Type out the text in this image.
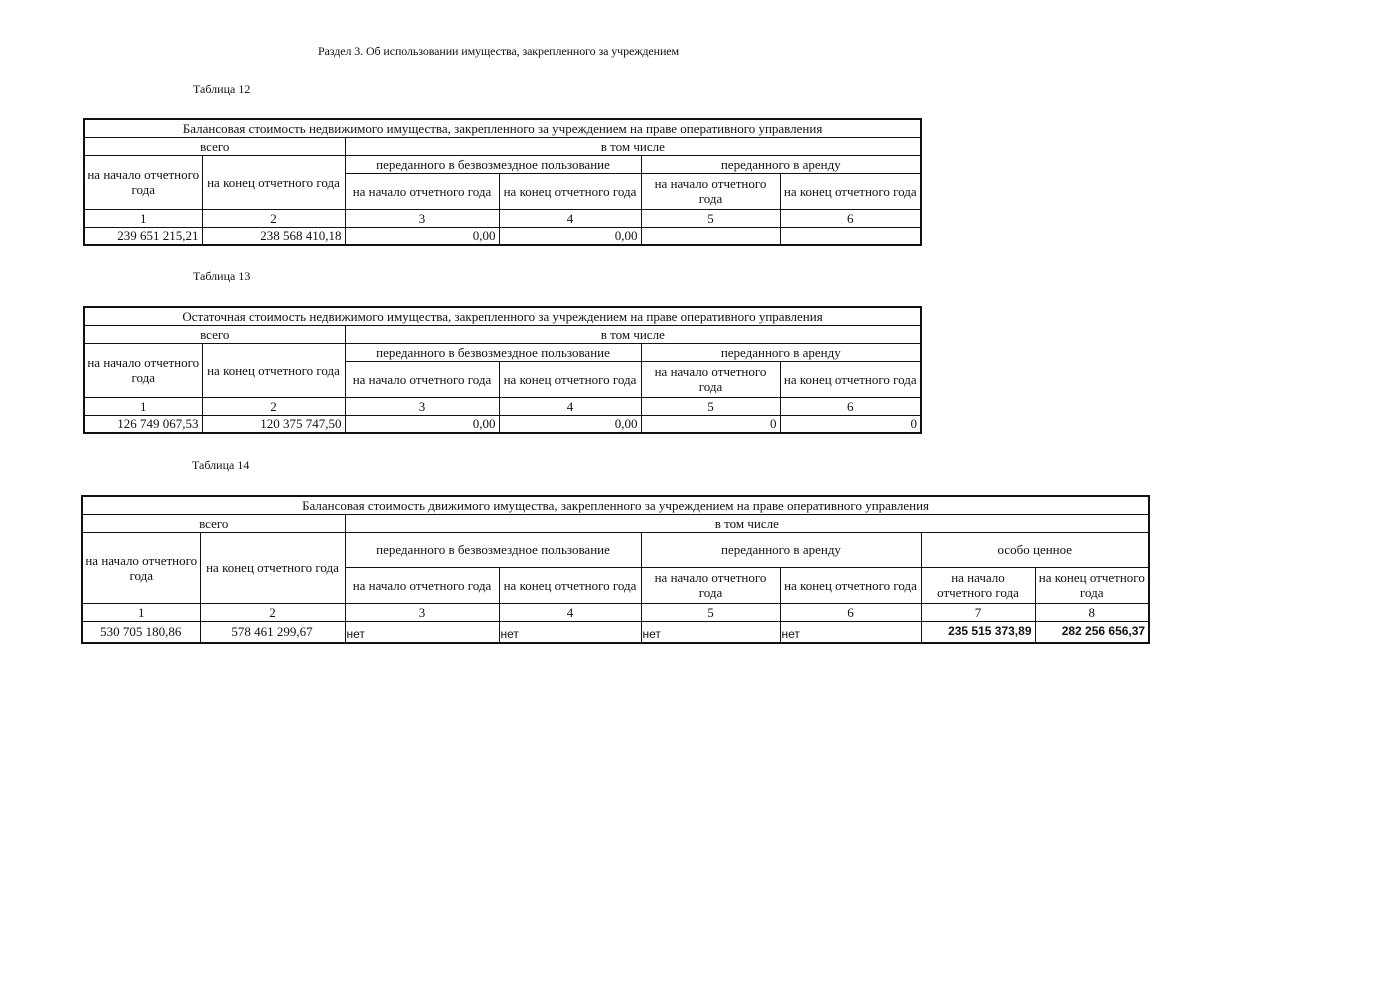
Раздел 3. Об использовании имущества, закрепленного за учреждением
Таблица 12
Балансовая стоимость недвижимого имущества, закрепленного за учреждением на праве оперативного управления					
всего		в том числе			
на начало отчетного года	на конец отчетного года	переданного в безвозмездное пользование		переданного в аренду	
		на начало отчетного года	на конец отчетного года	на начало отчетного года	на конец отчетного года
1	2	3	4	5	6
239 651 215,21	238 568 410,18	0,00	0,00		
Таблица 13
Остаточная стоимость недвижимого имущества, закрепленного за учреждением на праве оперативного управления					
всего		в том числе			
на начало отчетного года	на конец отчетного года	переданного в безвозмездное пользование		переданного в аренду	
		на начало отчетного года	на конец отчетного года	на начало отчетного года	на конец отчетного года
1	2	3	4	5	6
126 749 067,53	120 375 747,50	0,00	0,00	0	0
Таблица 14
Балансовая стоимость движимого имущества, закрепленного за учреждением на праве оперативного управления							
всего		в том числе					
на начало отчетного года	на конец отчетного года	переданного в безвозмездное пользование		переданного в аренду		особо ценное	
		на начало отчетного года	на конец отчетного года	на начало отчетного года	на конец отчетного года	на начало отчетного года	на конец отчетного года
1	2	3	4	5	6	7	8
530 705 180,86	578 461 299,67	нет	нет	нет	нет	235 515 373,89	282 256 656,37
